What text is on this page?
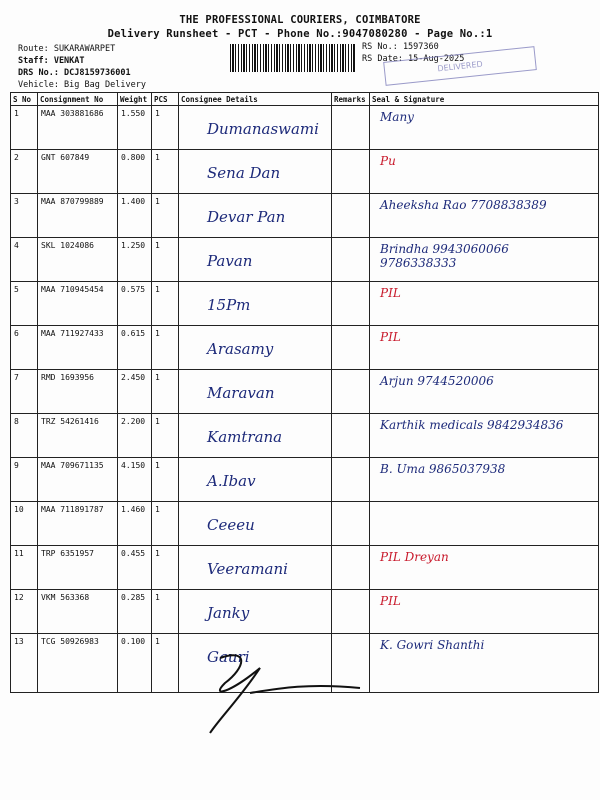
THE PROFESSIONAL COURIERS, COIMBATORE
Delivery Runsheet - PCT - Phone No.:9047080280 - Page No.:1
Route: SUKARAWARPET
Staff: VENKAT
DRS No.: DCJ8159736001
Vehicle: Big Bag Delivery
RS No.: 1597360
RS Date: 15-Aug-2025
DELIVERED
S No	Consignment No	Weight	PCS	Consignee Details	Remarks	Seal & Signature
1	MAA 303881686	1.550	1	Dumanaswami		Many

2	GNT 607849	0.800	1	Sena Dan		Pu

3	MAA 870799889	1.400	1	Devar Pan		Aheeksha Rao 7708838389

4	SKL 1024086	1.250	1	Pavan		Brindha 9943060066 9786338333

5	MAA 710945454	0.575	1	15Pm		PIL

6	MAA 711927433	0.615	1	Arasamy		PIL

7	RMD 1693956	2.450	1	Maravan		Arjun 9744520006

8	TRZ 54261416	2.200	1	Kamtrana		Karthik medicals 9842934836

9	MAA 709671135	4.150	1	A.Ibav		B. Uma 9865037938

10	MAA 711891787	1.460	1	Ceeeu		

11	TRP 6351957	0.455	1	Veeramani		PIL Dreyan

12	VKM 563368	0.285	1	Janky		PIL

13	TCG 50926983	0.100	1	Gauri		K. Gowri Shanthi
